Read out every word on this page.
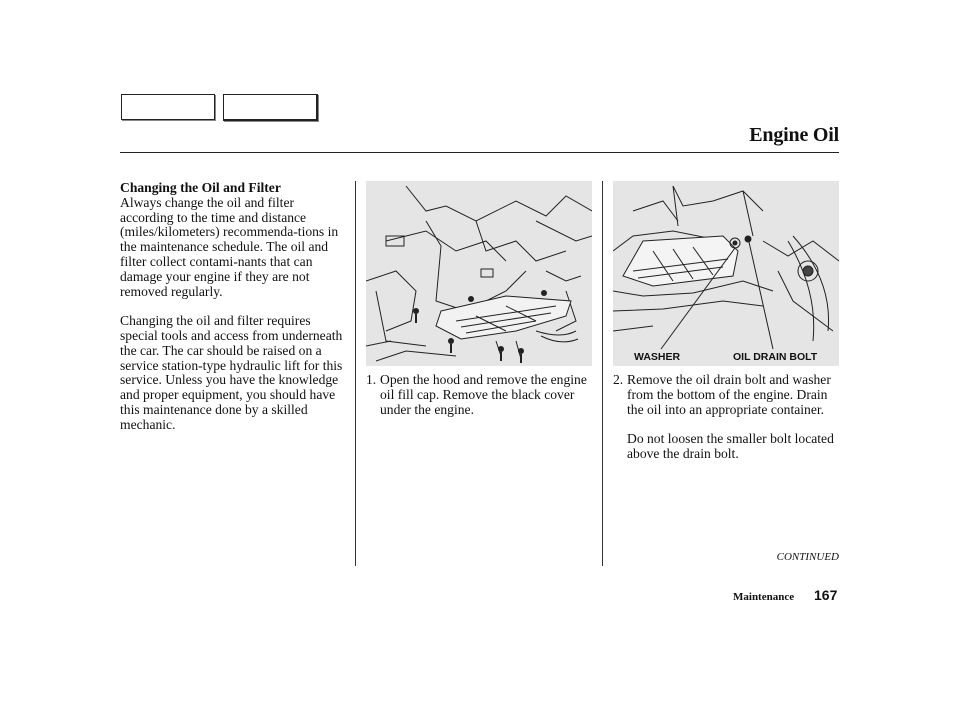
Engine Oil
Changing the Oil and Filter

Always change the oil and filter according to the time and distance (miles/kilometers) recommenda-tions in the maintenance schedule. The oil and filter collect contami-nants that can damage your engine if they are not removed regularly.

Changing the oil and filter requires special tools and access from underneath the car. The car should be raised on a service station-type hydraulic lift for this service. Unless you have the knowledge and proper equipment, you should have this maintenance done by a skilled mechanic.

WASHER	OIL DRAIN BOLT
1. Open the hood and remove the engine oil fill cap. Remove the black cover under the engine.

2. Remove the oil drain bolt and washer from the bottom of the engine. Drain the oil into an appropriate container.

Do not loosen the smaller bolt located above the drain bolt.

CONTINUED
Maintenance 167
